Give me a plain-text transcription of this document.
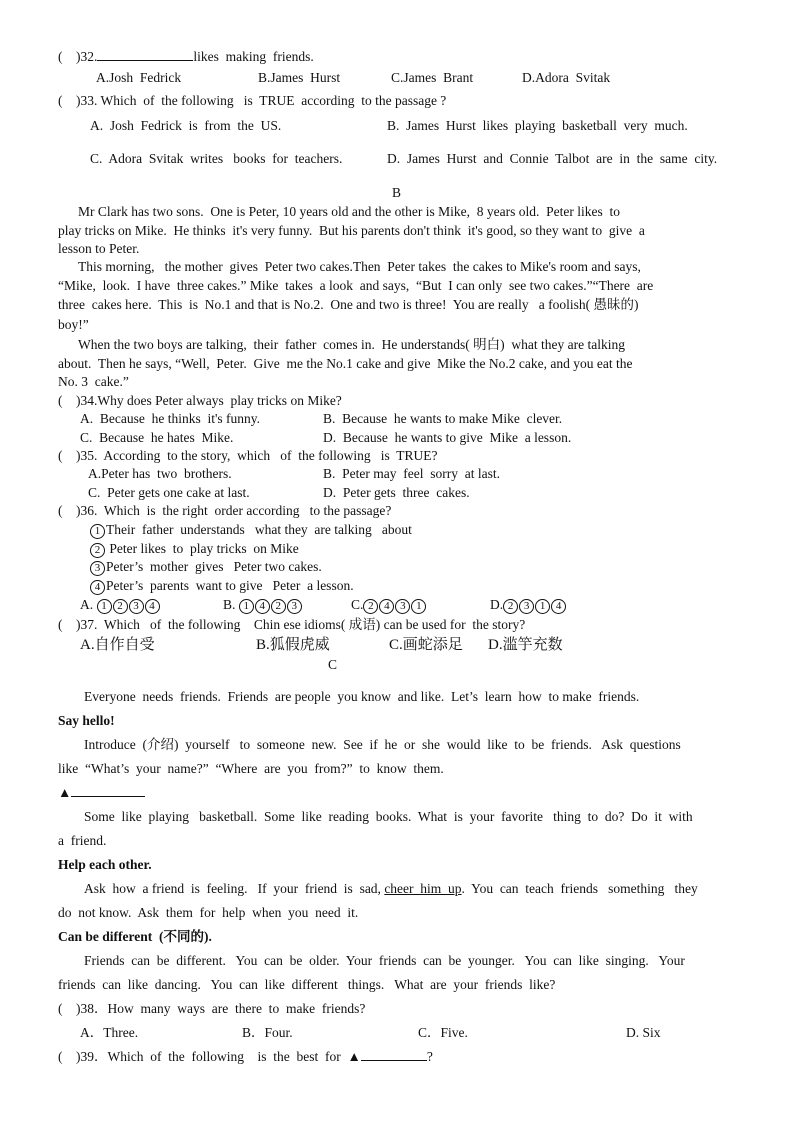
(    )32.	likes  making  friends.
A.Josh  Fedrick	B.James  Hurst	C.James  Brant	D.Adora  Svitak
(    )33. Which  of  the following   is  TRUE  according  to the passage ?
A.  Josh  Fedrick  is  from  the  US.	B.  James  Hurst  likes  playing  basketball  very  much.
C.  Adora  Svitak  writes   books  for  teachers.	D.  James  Hurst  and  Connie  Talbot  are  in  the  same  city.
B
Mr Clark has two sons.  One is Peter, 10 years old and the other is Mike,  8 years old.  Peter likes  to
play tricks on Mike.  He thinks  it's very funny.  But his parents don't think  it's good, so they want to  give  a
lesson to Peter.
This morning,   the mother  gives  Peter two cakes.Then  Peter takes  the cakes to Mike's room and says,
“Mike,  look.  I have  three cakes.” Mike  takes  a look  and says,  “But  I can only  see two cakes.”“There  are
three  cakes here.  This  is  No.1 and that is No.2.  One and two is three!  You are really   a foolish( 愚昧的)
boy!”
When the two boys are talking,  their  father  comes in.  He understands( 明白)  what they are talking
about.  Then he says, “Well,  Peter.  Give  me the No.1 cake and give  Mike the No.2 cake, and you eat the
No. 3  cake.”
(    )34.Why does Peter always  play tricks on Mike?
A.  Because  he thinks  it's funny.	B.  Because  he wants to make Mike  clever.
C.  Because  he hates  Mike.	D.  Because  he wants to give  Mike  a lesson.
(    )35.  According  to the story,  which   of  the following   is  TRUE?
A.Peter has  two  brothers.	B.  Peter may  feel  sorry  at last.
C.  Peter gets one cake at last.	D.  Peter gets  three  cakes.
(    )36.  Which  is  the right  order according   to the passage?
1 Their  father  understands   what they  are talking   about
2 Peter likes  to  play tricks  on Mike
3 Peter’s  mother  gives   Peter two cakes.
4 Peter’s  parents  want to give   Peter  a lesson.
A. 1 2 3 4	B. 1 4 2 3	C. 2 4 3 1	D. 2 3 1 4
(    )37.  Which   of  the following    Chin ese idioms( 成语) can be used for  the story?
A.自作自受	B.狐假虎威	C.画蛇添足 D.滥竽充数
C
Everyone  needs  friends.  Friends  are people  you know  and like.  Let’s  learn  how  to make  friends.
Say hello!
Introduce  (介绍)  yourself   to  someone  new.  See  if  he  or  she  would  like  to  be  friends.   Ask  questions
like  “What’s  your  name?”  “Where  are  you  from?”  to  know  them.
▲
Some  like  playing   basketball.  Some  like  reading  books.  What  is  your  favorite   thing  to  do?  Do  it  with
a  friend.
Help each other.
Ask  how  a friend  is  feeling.   If  your  friend  is  sad, cheer  him  up.  You  can  teach  friends   something   they
do  not know.  Ask  them  for  help  when  you  need  it.
Can be different  (不同的).
Friends  can  be  different.   You  can  be  older.  Your  friends  can  be  younger.   You  can  like  singing.   Your
friends  can  like  dancing.   You  can  like  different   things.   What  are  your  friends  like?
(    )38．How  many  ways  are  there  to  make  friends?
A．Three.	B．Four.	C．Five.	D. Six
(    )39．Which  of  the  following    is  the  best  for ▲	?
